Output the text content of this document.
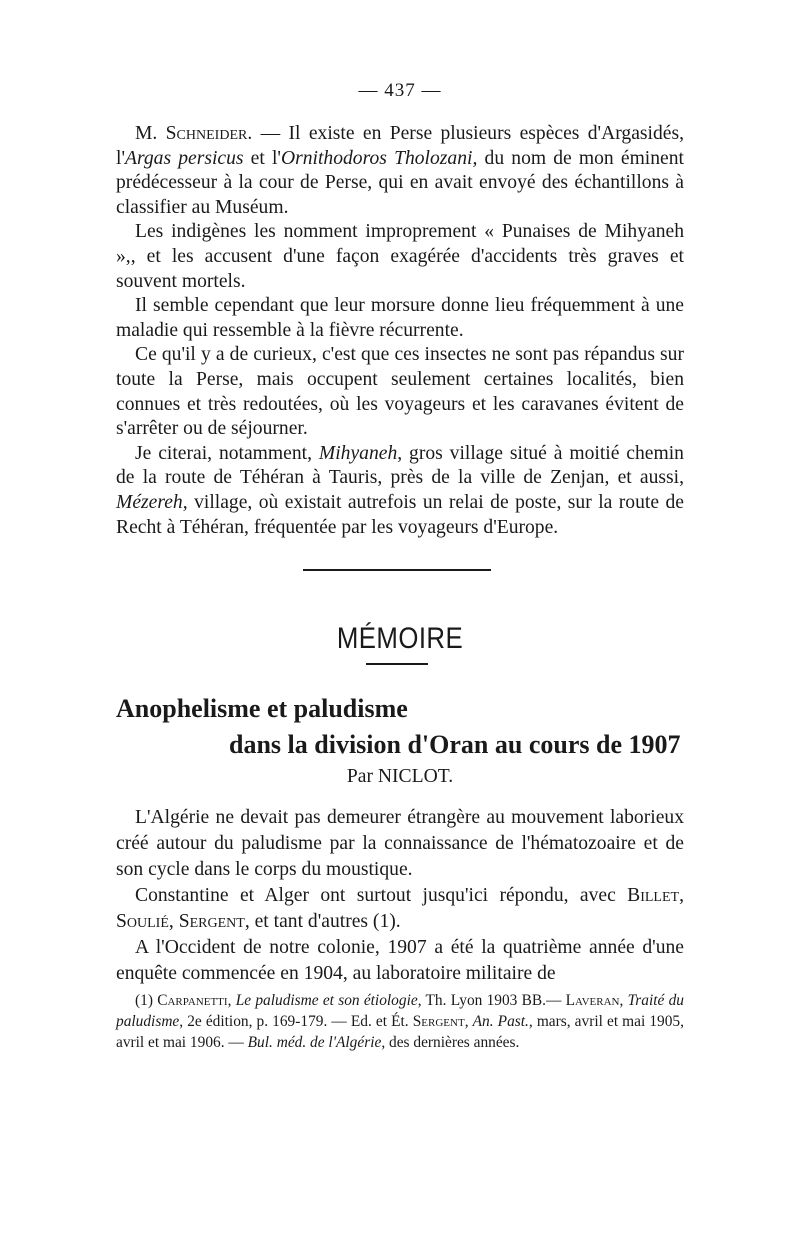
— 437 —

M. Schneider. — Il existe en Perse plusieurs espèces d'Argasidés, l'Argas persicus et l'Ornithodoros Tholozani, du nom de mon éminent prédécesseur à la cour de Perse, qui en avait envoyé des échantillons à classifier au Muséum.

Les indigènes les nomment improprement « Punaises de Mihyaneh »,, et les accusent d'une façon exagérée d'accidents très graves et souvent mortels.

Il semble cependant que leur morsure donne lieu fréquemment à une maladie qui ressemble à la fièvre récurrente.

Ce qu'il y a de curieux, c'est que ces insectes ne sont pas répandus sur toute la Perse, mais occupent seulement certaines localités, bien connues et très redoutées, où les voyageurs et les caravanes évitent de s'arrêter ou de séjourner.

Je citerai, notamment, Mihyaneh, gros village situé à moitié chemin de la route de Téhéran à Tauris, près de la ville de Zenjan, et aussi, Mézereh, village, où existait autrefois un relai de poste, sur la route de Recht à Téhéran, fréquentée par les voyageurs d'Europe.

MÉMOIRE
Anophelisme et paludisme
dans la division d'Oran au cours de 1907
Par NICLOT.

L'Algérie ne devait pas demeurer étrangère au mouvement laborieux créé autour du paludisme par la connaissance de l'hématozoaire et de son cycle dans le corps du moustique.

Constantine et Alger ont surtout jusqu'ici répondu, avec Billet, Soulié, Sergent, et tant d'autres (1).

A l'Occident de notre colonie, 1907 a été la quatrième année d'une enquête commencée en 1904, au laboratoire militaire de

(1) Carpanetti, Le paludisme et son étiologie, Th. Lyon 1903 BB.— Laveran, Traité du paludisme, 2e édition, p. 169-179. — Ed. et Ét. Sergent, An. Past., mars, avril et mai 1905, avril et mai 1906. — Bul. méd. de l'Algérie, des dernières années.
